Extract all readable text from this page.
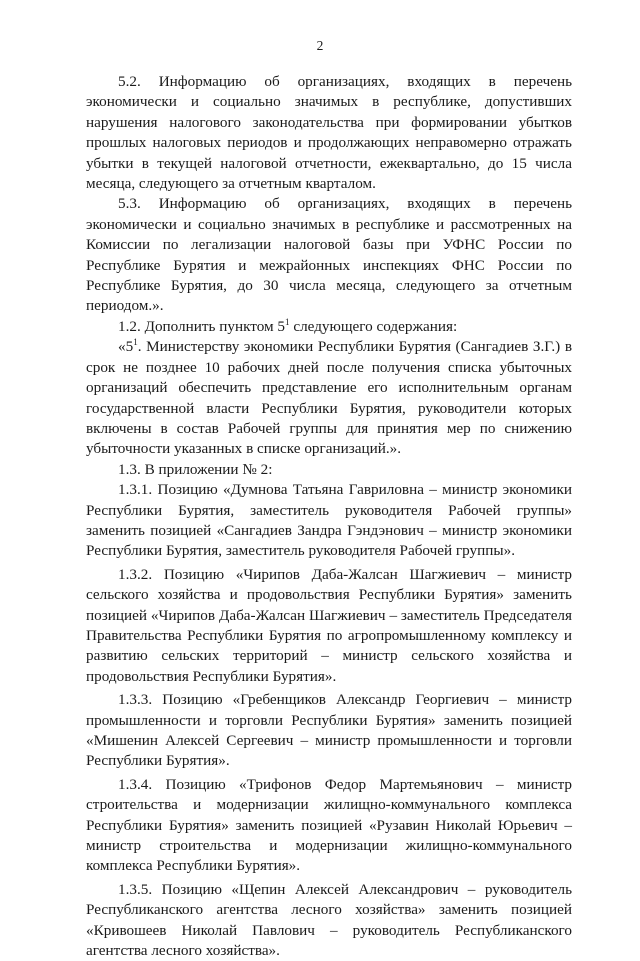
2

5.2. Информацию об организациях, входящих в перечень экономически и социально значимых в республике, допустивших нарушения налогового законодательства при формировании убытков прошлых налоговых периодов и продолжающих неправомерно отражать убытки в текущей налоговой отчетности, ежеквартально, до 15 числа месяца, следующего за отчетным кварталом.

5.3. Информацию об организациях, входящих в перечень экономически и социально значимых в республике и рассмотренных на Комиссии по легализации налоговой базы при УФНС России по Республике Бурятия и межрайонных инспекциях ФНС России по Республике Бурятия, до 30 числа месяца, следующего за отчетным периодом.».

1.2. Дополнить пунктом $5^1$ следующего содержания:

«$5^1$. Министерству экономики Республики Бурятия (Сангадиев З.Г.) в срок не позднее 10 рабочих дней после получения списка убыточных организаций обеспечить представление его исполнительным органам государственной власти Республики Бурятия, руководители которых включены в состав Рабочей группы для принятия мер по снижению убыточности указанных в списке организаций.».

1.3. В приложении № 2:

1.3.1. Позицию «Думнова Татьяна Гавриловна – министр экономики Республики Бурятия, заместитель руководителя Рабочей группы» заменить позицией «Сангадиев Зандра Гэндэнович – министр экономики Республики Бурятия, заместитель руководителя Рабочей группы».

1.3.2. Позицию «Чирипов Даба-Жалсан Шагжиевич – министр сельского хозяйства и продовольствия Республики Бурятия» заменить позицией «Чирипов Даба-Жалсан Шагжиевич – заместитель Председателя Правительства Республики Бурятия по агропромышленному комплексу и развитию сельских территорий – министр сельского хозяйства и продовольствия Республики Бурятия».

1.3.3. Позицию «Гребенщиков Александр Георгиевич – министр промышленности и торговли Республики Бурятия» заменить позицией «Мишенин Алексей Сергеевич – министр промышленности и торговли Республики Бурятия».

1.3.4. Позицию «Трифонов Федор Мартемьянович – министр строительства и модернизации жилищно-коммунального комплекса Республики Бурятия» заменить позицией «Рузавин Николай Юрьевич – министр строительства и модернизации жилищно-коммунального комплекса Республики Бурятия».

1.3.5. Позицию «Щепин Алексей Александрович – руководитель Республиканского агентства лесного хозяйства» заменить позицией «Кривошеев Николай Павлович – руководитель Республиканского агентства лесного хозяйства».
